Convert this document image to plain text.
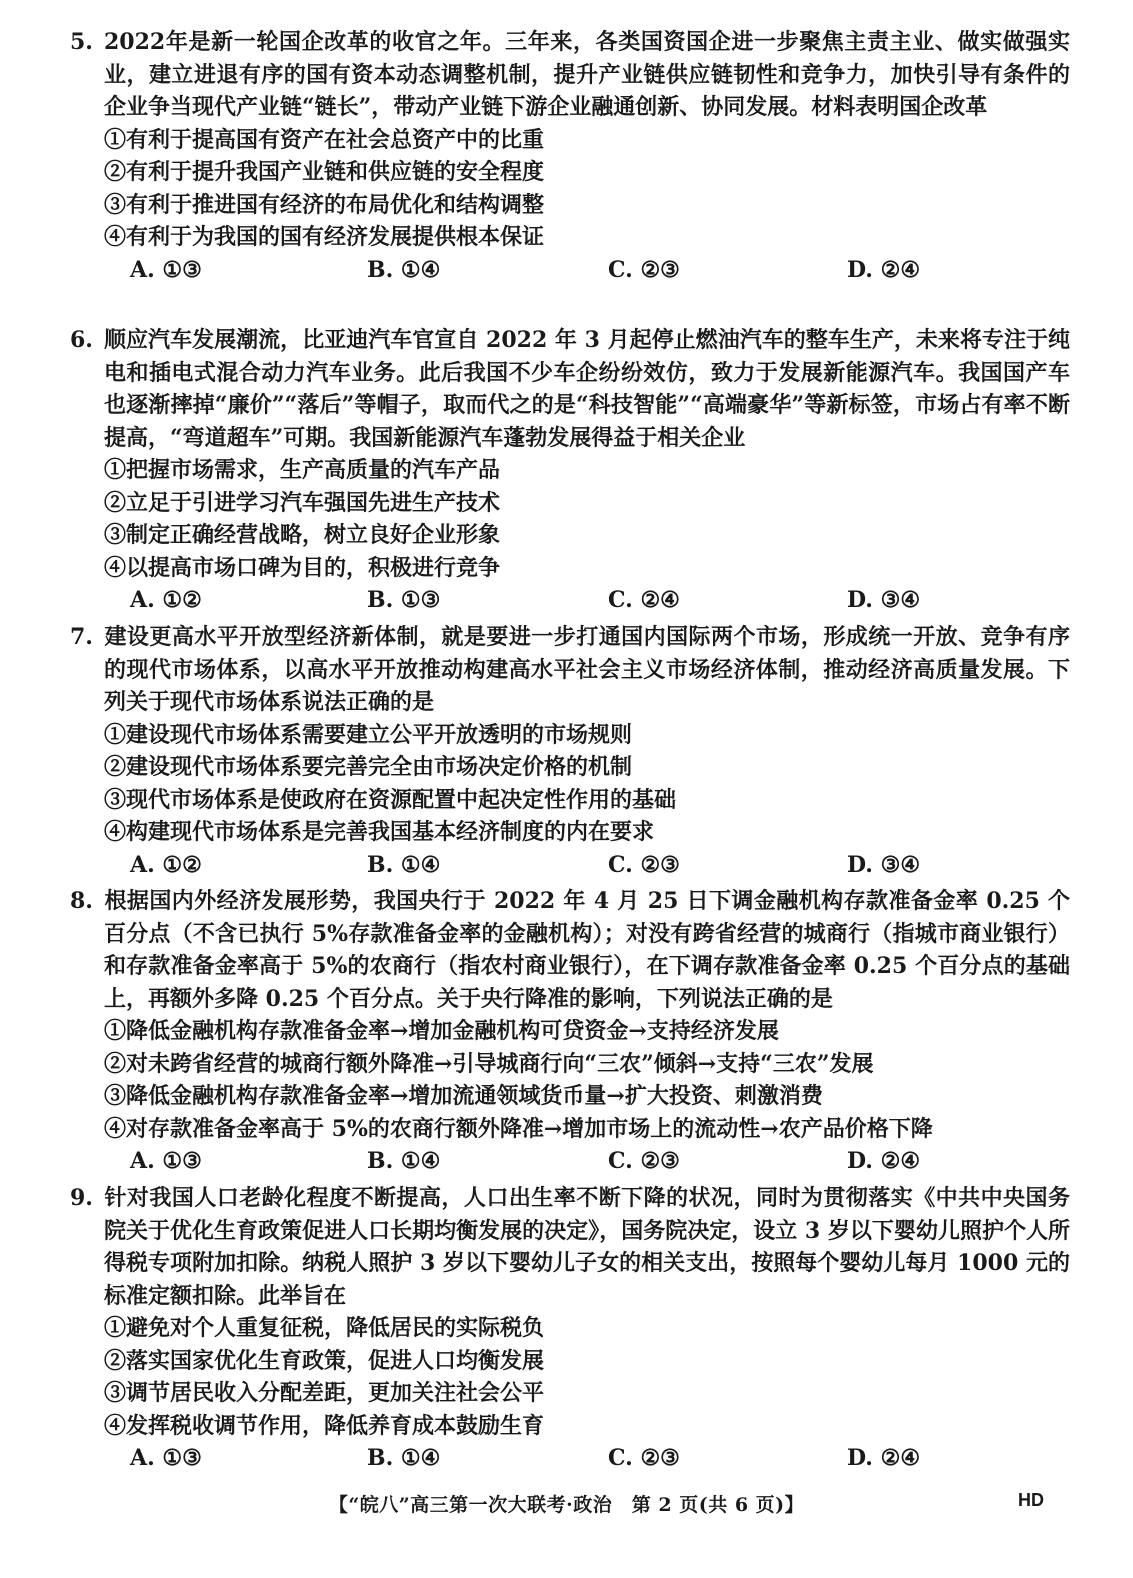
5. 2022年是新一轮国企改革的收官之年。三年来，各类国资国企进一步聚焦主责主业、做实做强实业，建立进退有序的国有资本动态调整机制，提升产业链供应链韧性和竞争力，加快引导有条件的企业争当现代产业链“链长”，带动产业链下游企业融通创新、协同发展。材料表明国企改革

①有利于提高国有资产在社会总资产中的比重

②有利于提升我国产业链和供应链的安全程度

③有利于推进国有经济的布局优化和结构调整

④有利于为我国的国有经济发展提供根本保证

A. ①③	B. ①④	C. ②③	D. ②④

6. 顺应汽车发展潮流，比亚迪汽车官宣自 2022 年 3 月起停止燃油汽车的整车生产，未来将专注于纯电和插电式混合动力汽车业务。此后我国不少车企纷纷效仿，致力于发展新能源汽车。我国国产车也逐渐摔掉“廉价”“落后”等帽子，取而代之的是“科技智能”“高端豪华”等新标签，市场占有率不断提高，“弯道超车”可期。我国新能源汽车蓬勃发展得益于相关企业

①把握市场需求，生产高质量的汽车产品

②立足于引进学习汽车强国先进生产技术

③制定正确经营战略，树立良好企业形象

④以提高市场口碑为目的，积极进行竞争

A. ①②	B. ①③	C. ②④	D. ③④

7. 建设更高水平开放型经济新体制，就是要进一步打通国内国际两个市场，形成统一开放、竞争有序的现代市场体系，以高水平开放推动构建高水平社会主义市场经济体制，推动经济高质量发展。下列关于现代市场体系说法正确的是

①建设现代市场体系需要建立公平开放透明的市场规则

②建设现代市场体系要完善完全由市场决定价格的机制

③现代市场体系是使政府在资源配置中起决定性作用的基础

④构建现代市场体系是完善我国基本经济制度的内在要求

A. ①②	B. ①④	C. ②③	D. ③④

8. 根据国内外经济发展形势，我国央行于 2022 年 4 月 25 日下调金融机构存款准备金率 0.25 个百分点（不含已执行 5%存款准备金率的金融机构）；对没有跨省经营的城商行（指城市商业银行）和存款准备金率高于 5%的农商行（指农村商业银行），在下调存款准备金率 0.25 个百分点的基础上，再额外多降 0.25 个百分点。关于央行降准的影响，下列说法正确的是

①降低金融机构存款准备金率→增加金融机构可贷资金→支持经济发展

②对未跨省经营的城商行额外降准→引导城商行向“三农”倾斜→支持“三农”发展

③降低金融机构存款准备金率→增加流通领域货币量→扩大投资、刺激消费

④对存款准备金率高于 5%的农商行额外降准→增加市场上的流动性→农产品价格下降

A. ①③	B. ①④	C. ②③	D. ②④

9. 针对我国人口老龄化程度不断提高，人口出生率不断下降的状况，同时为贯彻落实《中共中央国务院关于优化生育政策促进人口长期均衡发展的决定》，国务院决定，设立 3 岁以下婴幼儿照护个人所得税专项附加扣除。纳税人照护 3 岁以下婴幼儿子女的相关支出，按照每个婴幼儿每月 1000 元的标准定额扣除。此举旨在

①避免对个人重复征税，降低居民的实际税负

②落实国家优化生育政策，促进人口均衡发展

③调节居民收入分配差距，更加关注社会公平

④发挥税收调节作用，降低养育成本鼓励生育

A. ①③	B. ①④	C. ②③	D. ②④
【“皖八”高三第一次大联考·政治　第 2 页(共 6 页)】	HD
